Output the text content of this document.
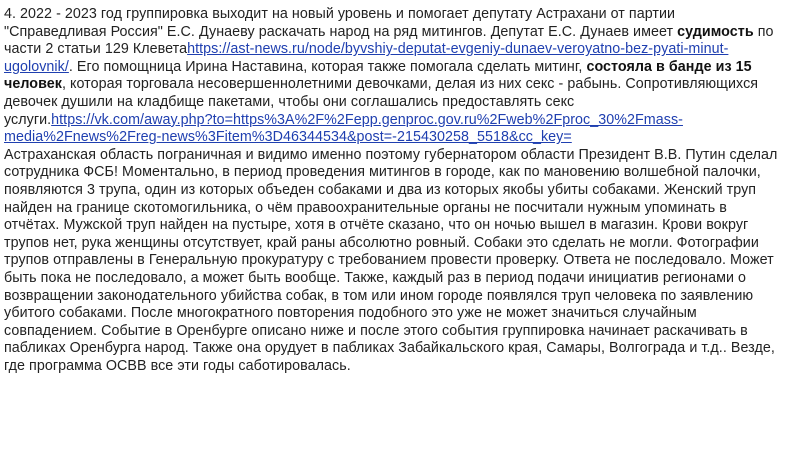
4. 2022 - 2023 год группировка выходит на новый уровень и помогает депутату Астрахани от партии "Справедливая Россия" Е.С. Дунаеву раскачать народ на ряд митингов. Депутат Е.С. Дунаев имеет судимость по части 2 статьи 129 Клеветаhttps://ast-news.ru/node/byvshiy-deputat-evgeniy-dunaev-veroyatno-bez-pyati-minut-ugolovnik/. Его помощница Ирина Наставина, которая также помогала сделать митинг, состояла в банде из 15 человек, которая торговала несовершеннолетними девочками, делая из них секс - рабынь. Сопротивляющихся девочек душили на кладбище пакетами, чтобы они соглашались предоставлять секс услуги.https://vk.com/away.php?to=https%3A%2F%2Fepp.genproc.gov.ru%2Fweb%2Fproc_30%2Fmass-media%2Fnews%2Freg-news%3Fitem%3D46344534&post=-215430258_5518&cc_key=

Астраханская область пограничная и видимо именно поэтому губернатором области Президент В.В. Путин сделал сотрудника ФСБ! Моментально, в период проведения митингов в городе, как по мановению волшебной палочки, появляются 3 трупа, один из которых объеден собаками и два из которых якобы убиты собаками. Женский труп найден на границе скотомогильника, о чём правоохранительные органы не посчитали нужным упоминать в отчётах. Мужской труп найден на пустыре, хотя в отчёте сказано, что он ночью вышел в магазин. Крови вокруг трупов нет, рука женщины отсутствует, край раны абсолютно ровный. Собаки это сделать не могли. Фотографии трупов отправлены в Генеральную прокуратуру с требованием провести проверку. Ответа не последовало. Может быть пока не последовало, а может быть вообще. Также, каждый раз в период подачи инициатив регионами о возвращении законодательного убийства собак, в том или ином городе появлялся труп человека по заявлению убитого собаками. После многократного повторения подобного это уже не может значиться случайным совпадением. Событие в Оренбурге описано ниже и после этого события группировка начинает раскачивать в пабликах Оренбурга народ. Также она орудует в пабликах Забайкальского края, Самары, Волгограда и т.д.. Везде, где программа ОСВВ все эти годы саботировалась.
